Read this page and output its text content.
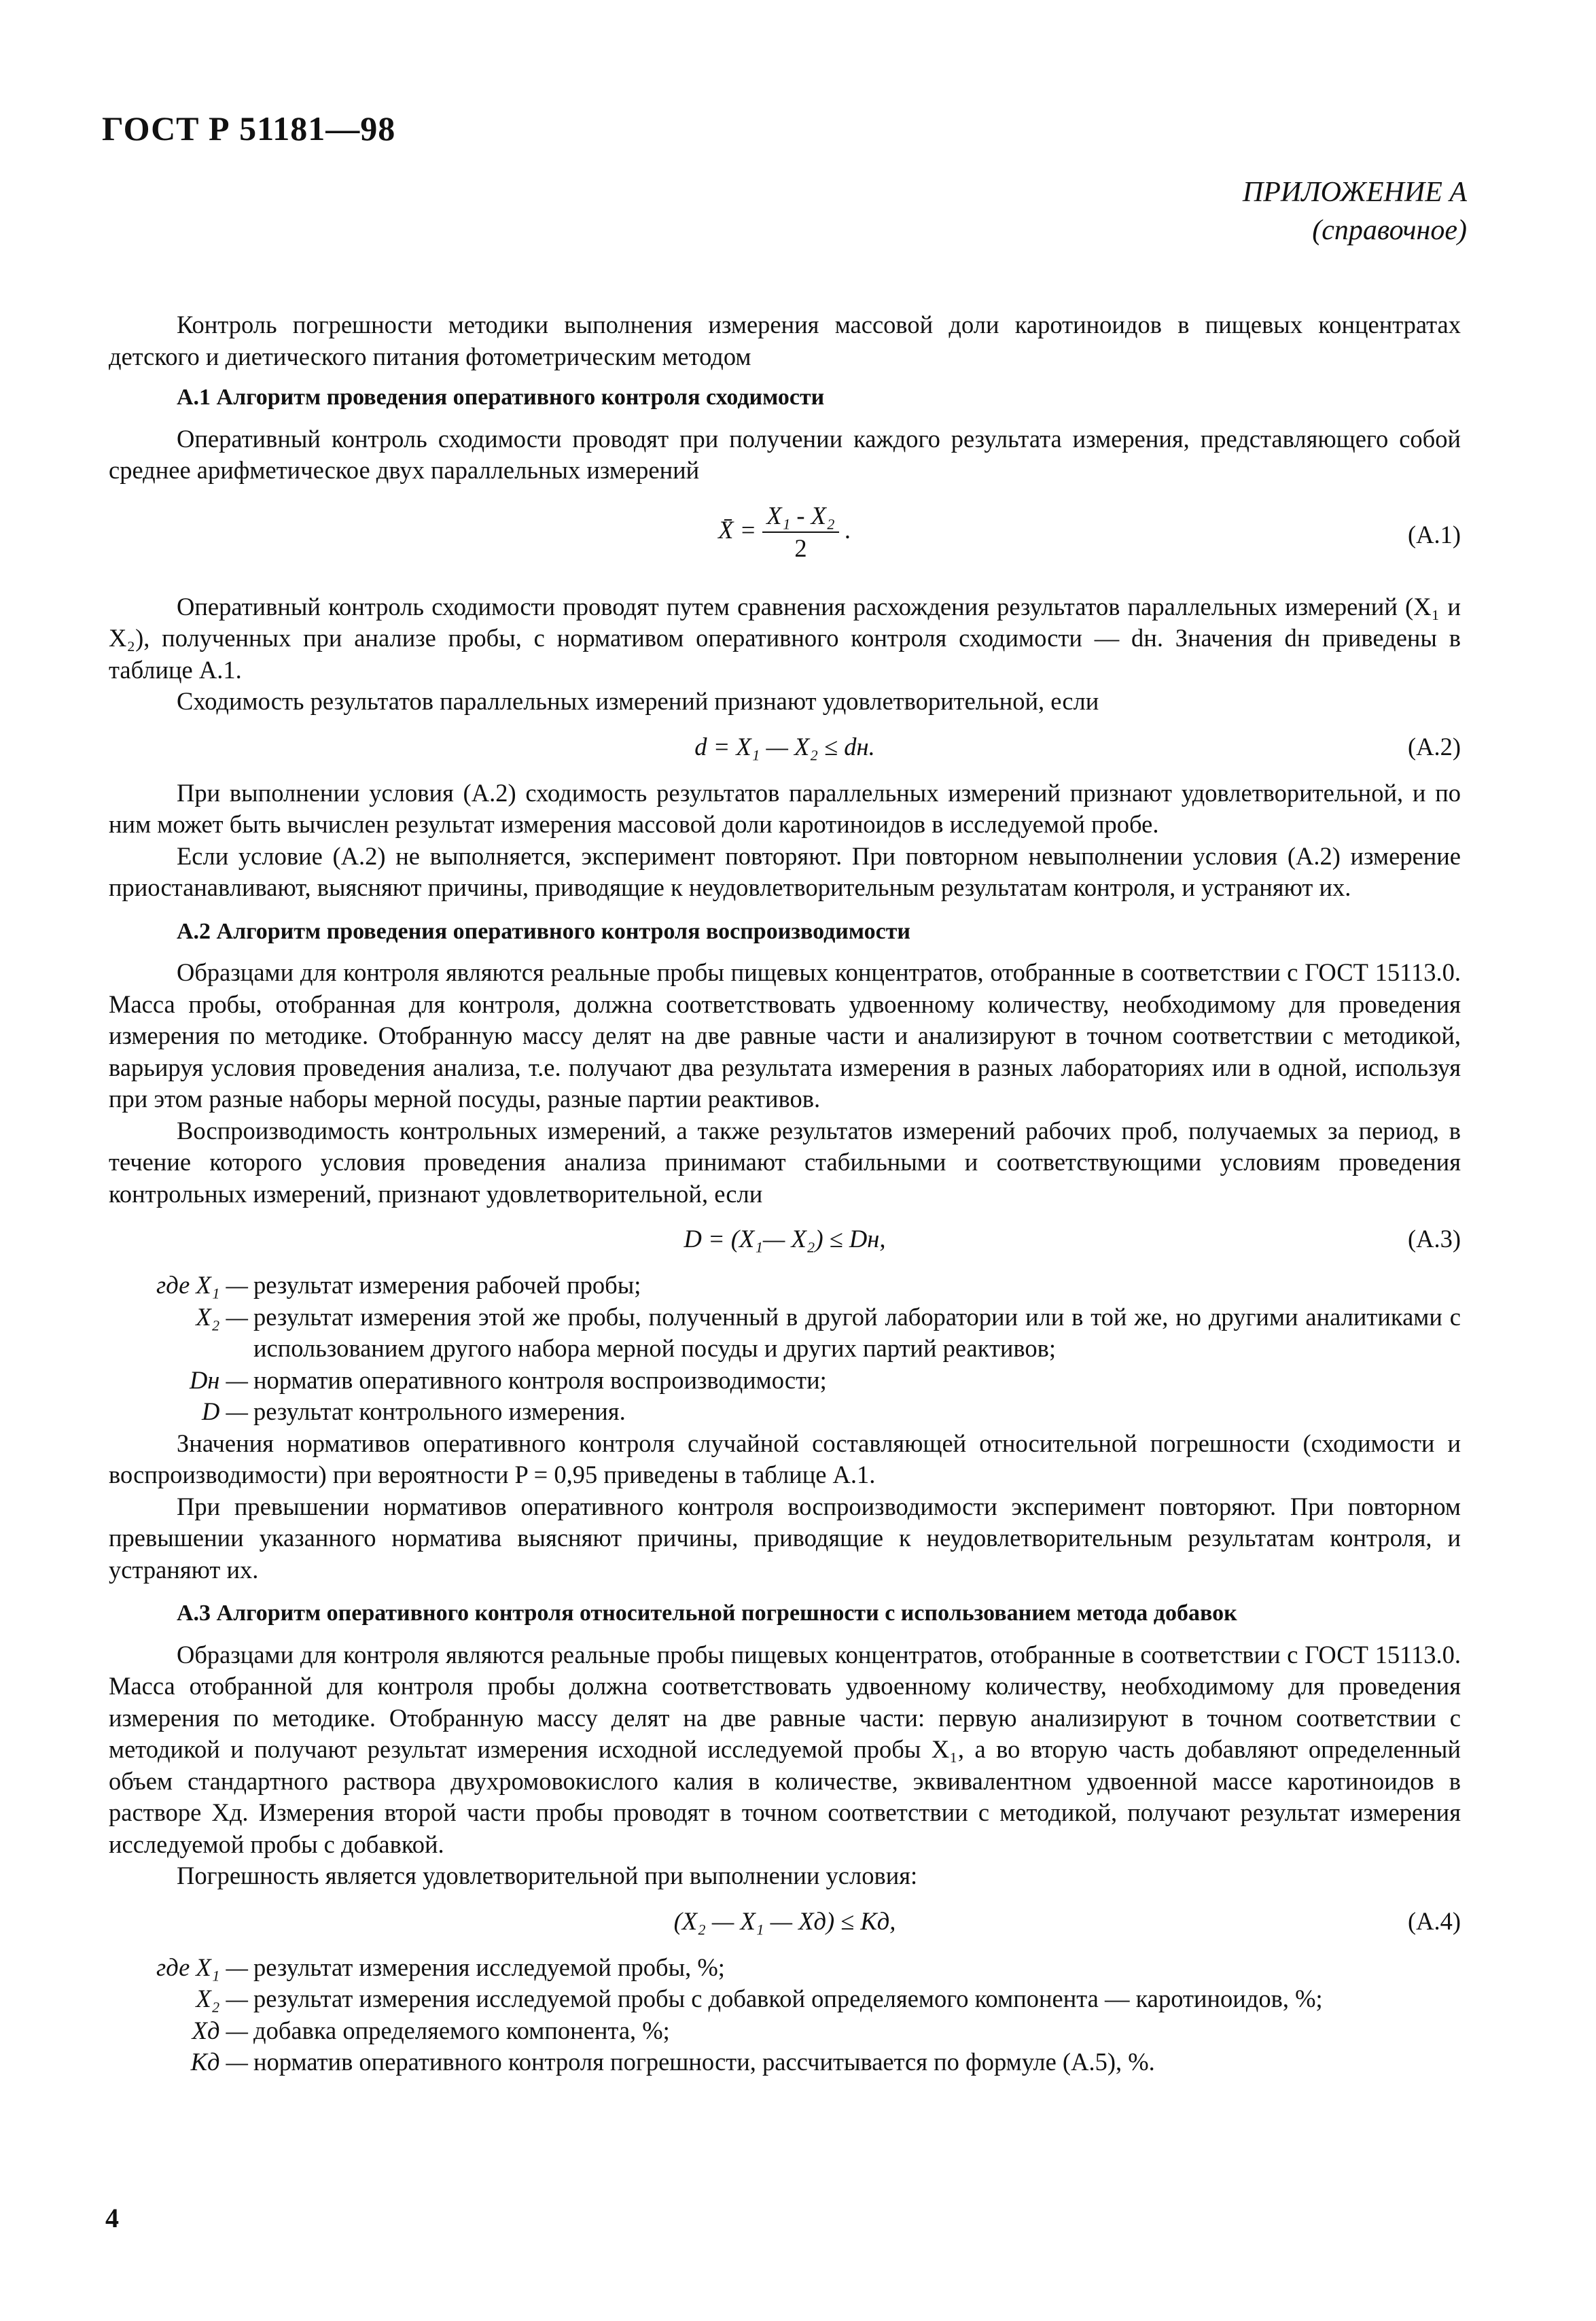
ГОСТ Р 51181—98
ПРИЛОЖЕНИЕ А
(справочное)

Контроль погрешности методики выполнения измерения массовой доли каротиноидов в пищевых концентратах детского и диетического питания фотометрическим методом

А.1 Алгоритм проведения оперативного контроля сходимости

Оперативный контроль сходимости проводят при получении каждого результата измерения, представляющего собой среднее арифметическое двух параллельных измерений

X̄ = $\frac{\text{X₁ - X₂}}{2}$ .	(А.1)

Оперативный контроль сходимости проводят путем сравнения расхождения результатов параллельных измерений (X₁ и X₂), полученных при анализе пробы, с нормативом оперативного контроля сходимости — dн. Значения dн приведены в таблице А.1.

Сходимость результатов параллельных измерений признают удовлетворительной, если

d = X₁ — X₂ ≤ dн.	(А.2)

При выполнении условия (А.2) сходимость результатов параллельных измерений признают удовлетворительной, и по ним может быть вычислен результат измерения массовой доли каротиноидов в исследуемой пробе.

Если условие (А.2) не выполняется, эксперимент повторяют. При повторном невыполнении условия (А.2) измерение приостанавливают, выясняют причины, приводящие к неудовлетворительным результатам контроля, и устраняют их.

А.2 Алгоритм проведения оперативного контроля воспроизводимости

Образцами для контроля являются реальные пробы пищевых концентратов, отобранные в соответствии с ГОСТ 15113.0. Масса пробы, отобранная для контроля, должна соответствовать удвоенному количеству, необходимому для проведения измерения по методике. Отобранную массу делят на две равные части и анализируют в точном соответствии с методикой, варьируя условия проведения анализа, т.е. получают два результата измерения в разных лабораториях или в одной, используя при этом разные наборы мерной посуды, разные партии реактивов.

Воспроизводимость контрольных измерений, а также результатов измерений рабочих проб, получаемых за период, в течение которого условия проведения анализа принимают стабильными и соответствующими условиям проведения контрольных измерений, признают удовлетворительной, если

D = (X₁— X₂) ≤ Dн,	(А.3)
где X₁ — результат измерения рабочей пробы;
X₂ — результат измерения этой же пробы, полученный в другой лаборатории или в той же, но другими аналитиками с использованием другого набора мерной посуды и других партий реактивов;
Dн — норматив оперативного контроля воспроизводимости;
D — результат контрольного измерения.

Значения нормативов оперативного контроля случайной составляющей относительной погрешности (сходимости и воспроизводимости) при вероятности P = 0,95 приведены в таблице А.1.

При превышении нормативов оперативного контроля воспроизводимости эксперимент повторяют. При повторном превышении указанного норматива выясняют причины, приводящие к неудовлетворительным результатам контроля, и устраняют их.

А.3 Алгоритм оперативного контроля относительной погрешности с использованием метода добавок

Образцами для контроля являются реальные пробы пищевых концентратов, отобранные в соответствии с ГОСТ 15113.0. Масса отобранной для контроля пробы должна соответствовать удвоенному количеству, необходимому для проведения измерения по методике. Отобранную массу делят на две равные части: первую анализируют в точном соответствии с методикой и получают результат измерения исходной исследуемой пробы X₁, а во вторую часть добавляют определенный объем стандартного раствора двухромовокислого калия в количестве, эквивалентном удвоенной массе каротиноидов в растворе Xд. Измерения второй части пробы проводят в точном соответствии с методикой, получают результат измерения исследуемой пробы с добавкой.

Погрешность является удовлетворительной при выполнении условия:

(X₂ — X₁ — Xд) ≤ Kд,	(А.4)
где X₁ — результат измерения исследуемой пробы, %;
X₂ — результат измерения исследуемой пробы с добавкой определяемого компонента — каротиноидов, %;
Xд — добавка определяемого компонента, %;
Kд — норматив оперативного контроля погрешности, рассчитывается по формуле (А.5), %.
4
